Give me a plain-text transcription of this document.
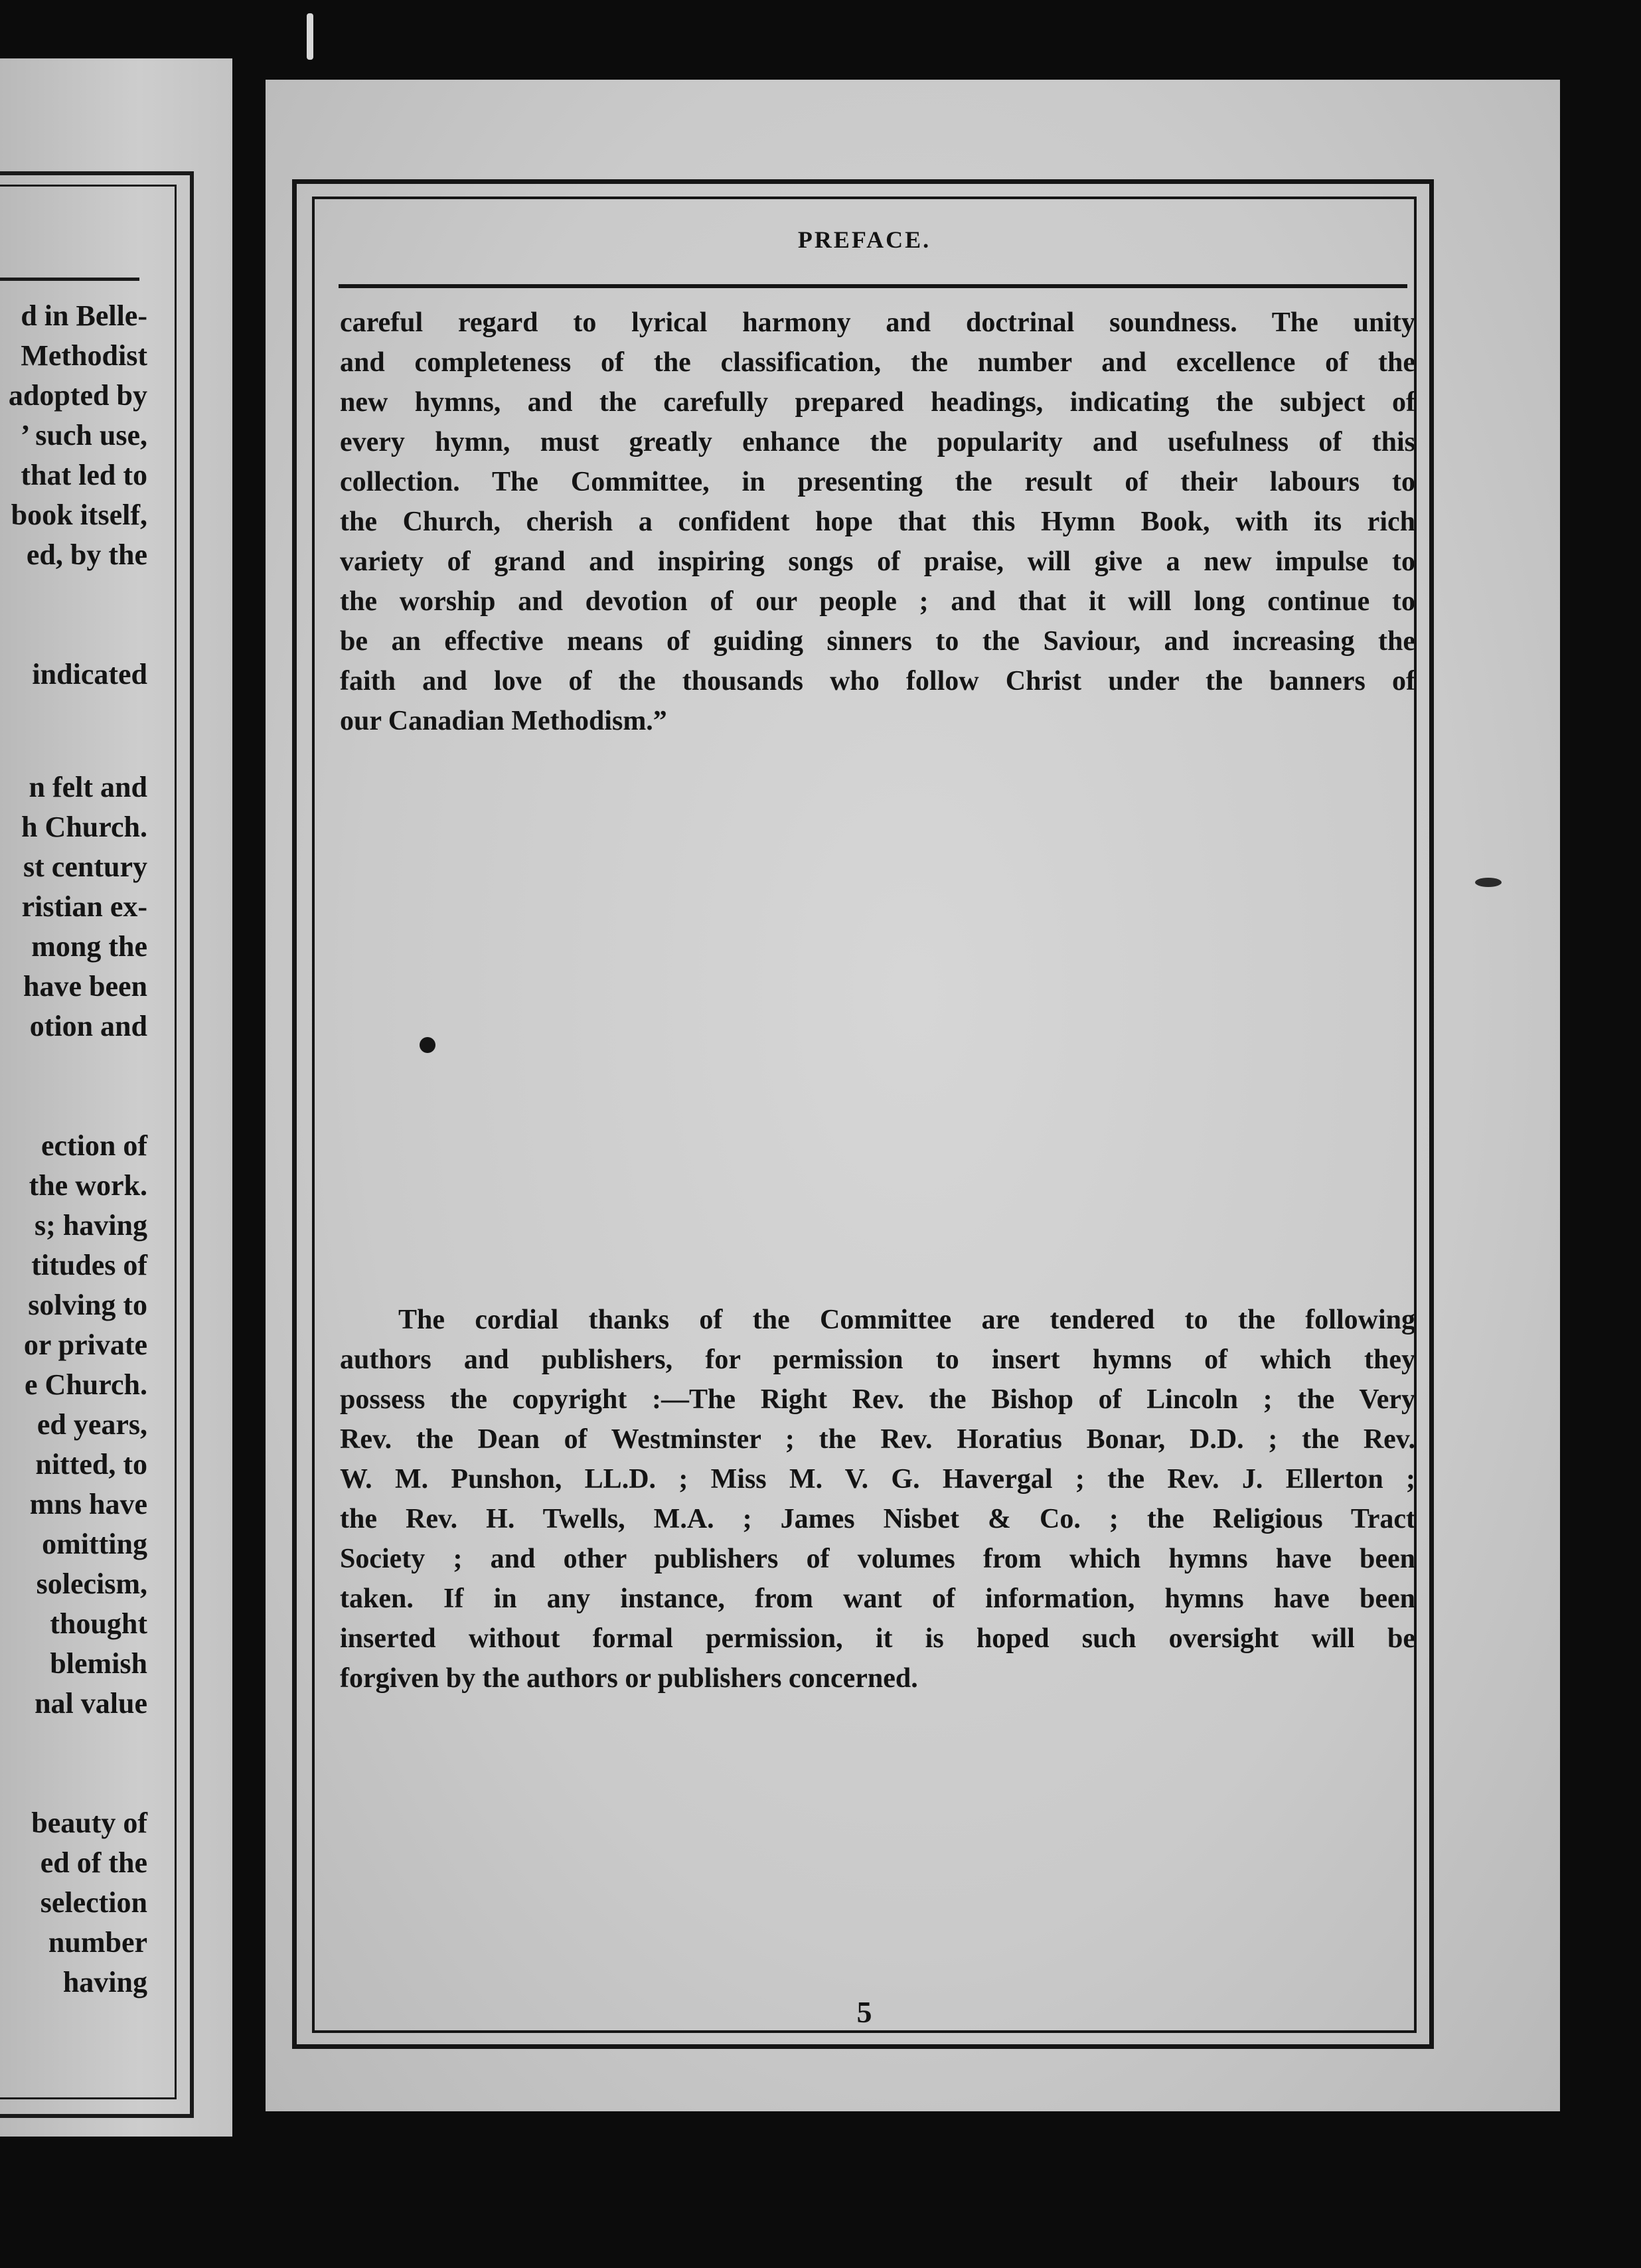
d in Belle-

Methodist

adopted by

’ such use,

that led to

book itself,

ed, by the

indicated

n felt and

h Church.

st century

ristian ex-

mong the

have been

otion and

ection of

the work.

s; having

titudes of

solving to

or private

e Church.

ed years,

nitted, to

mns have

omitting

solecism,

thought

blemish

nal value

beauty of

ed of the

selection

number

having

PREFACE.
careful regard to lyrical harmony and doctrinal soundness. The unity
and completeness of the classification, the number and excellence of the
new hymns, and the carefully prepared headings, indicating the subject of
every hymn, must greatly enhance the popularity and usefulness of this
collection. The Committee, in presenting the result of their labours to
the Church, cherish a confident hope that this Hymn Book, with its rich
variety of grand and inspiring songs of praise, will give a new impulse to
the worship and devotion of our people ; and that it will long continue to
be an effective means of guiding sinners to the Saviour, and increasing the
faith and love of the thousands who follow Christ under the banners of
our Canadian Methodism.”
The cordial thanks of the Committee are tendered to the following
authors and publishers, for permission to insert hymns of which they
possess the copyright :—The Right Rev. the Bishop of Lincoln ; the Very
Rev. the Dean of Westminster ; the Rev. Horatius Bonar, D.D. ; the Rev.
W. M. Punshon, LL.D. ; Miss M. V. G. Havergal ; the Rev. J. Ellerton ;
the Rev. H. Twells, M.A. ; James Nisbet & Co. ; the Religious Tract
Society ; and other publishers of volumes from which hymns have been
taken. If in any instance, from want of information, hymns have been
inserted without formal permission, it is hoped such oversight will be
forgiven by the authors or publishers concerned.

5
